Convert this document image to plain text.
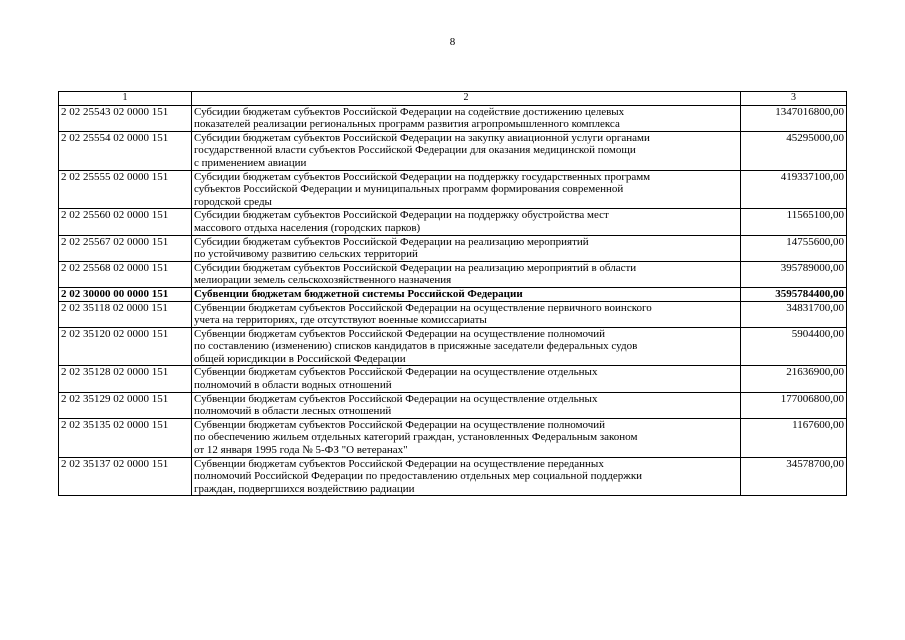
8
1	2	3
2 02 25543 02 0000 151	Субсидии бюджетам субъектов Российской Федерации на содействие достижению целевых
показателей реализации региональных программ развития агропромышленного комплекса	1347016800,00
2 02 25554 02 0000 151	Субсидии бюджетам субъектов Российской Федерации на закупку авиационной услуги органами
государственной власти субъектов Российской Федерации для оказания медицинской помощи
с применением авиации	45295000,00
2 02 25555 02 0000 151	Субсидии бюджетам субъектов Российской Федерации на поддержку государственных программ
субъектов Российской Федерации и муниципальных программ формирования современной
городской среды	419337100,00
2 02 25560 02 0000 151	Субсидии бюджетам субъектов Российской Федерации на поддержку обустройства мест
массового отдыха населения (городских парков)	11565100,00
2 02 25567 02 0000 151	Субсидии бюджетам субъектов Российской Федерации на реализацию мероприятий
по устойчивому развитию сельских территорий	14755600,00
2 02 25568 02 0000 151	Субсидии бюджетам субъектов Российской Федерации на реализацию мероприятий в области
мелиорации земель сельскохозяйственного назначения	395789000,00
2 02 30000 00 0000 151	Субвенции бюджетам бюджетной системы Российской Федерации	3595784400,00
2 02 35118 02 0000 151	Субвенции бюджетам субъектов Российской Федерации на осуществление первичного воинского
учета на территориях, где отсутствуют военные комиссариаты	34831700,00
2 02 35120 02 0000 151	Субвенции бюджетам субъектов Российской Федерации на осуществление полномочий
по составлению (изменению) списков кандидатов в присяжные заседатели федеральных судов
общей юрисдикции в Российской Федерации	5904400,00
2 02 35128 02 0000 151	Субвенции бюджетам субъектов Российской Федерации на осуществление отдельных
полномочий в области водных отношений	21636900,00
2 02 35129 02 0000 151	Субвенции бюджетам субъектов Российской Федерации на осуществление отдельных
полномочий в области лесных отношений	177006800,00
2 02 35135 02 0000 151	Субвенции бюджетам субъектов Российской Федерации на осуществление полномочий
по обеспечению жильем отдельных категорий граждан, установленных Федеральным законом
от 12 января 1995 года № 5-ФЗ "О ветеранах"	1167600,00
2 02 35137 02 0000 151	Субвенции бюджетам субъектов Российской Федерации на осуществление переданных
полномочий Российской Федерации по предоставлению отдельных мер социальной поддержки
граждан, подвергшихся воздействию радиации	34578700,00
